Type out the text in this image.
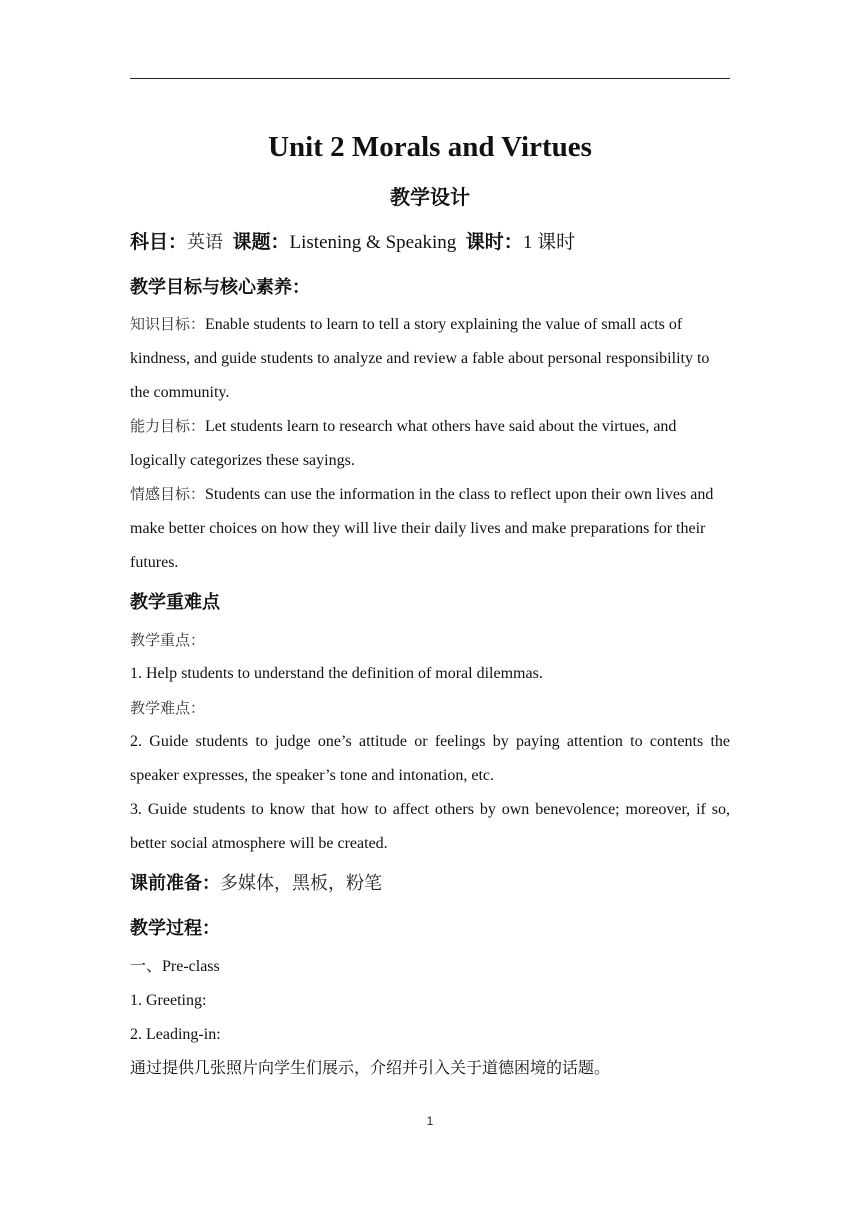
Unit 2 Morals and Virtues
教学设计
科目：英语 课题：Listening & Speaking 课时：1 课时
教学目标与核心素养：
知识目标：Enable students to learn to tell a story explaining the value of small acts of kindness, and guide students to analyze and review a fable about personal responsibility to the community.
能力目标：Let students learn to research what others have said about the virtues, and logically categorizes these sayings.
情感目标：Students can use the information in the class to reflect upon their own lives and make better choices on how they will live their daily lives and make preparations for their futures.
教学重难点
教学重点：
1. Help students to understand the definition of moral dilemmas.
教学难点：
2. Guide students to judge one’s attitude or feelings by paying attention to contents the speaker expresses, the speaker’s tone and intonation, etc.
3. Guide students to know that how to affect others by own benevolence; moreover, if so, better social atmosphere will be created.
课前准备：多媒体，黑板，粉笔
教学过程：
一、Pre-class
1. Greeting:
2. Leading-in:
通过提供几张照片向学生们展示，介绍并引入关于道德困境的话题。
1
